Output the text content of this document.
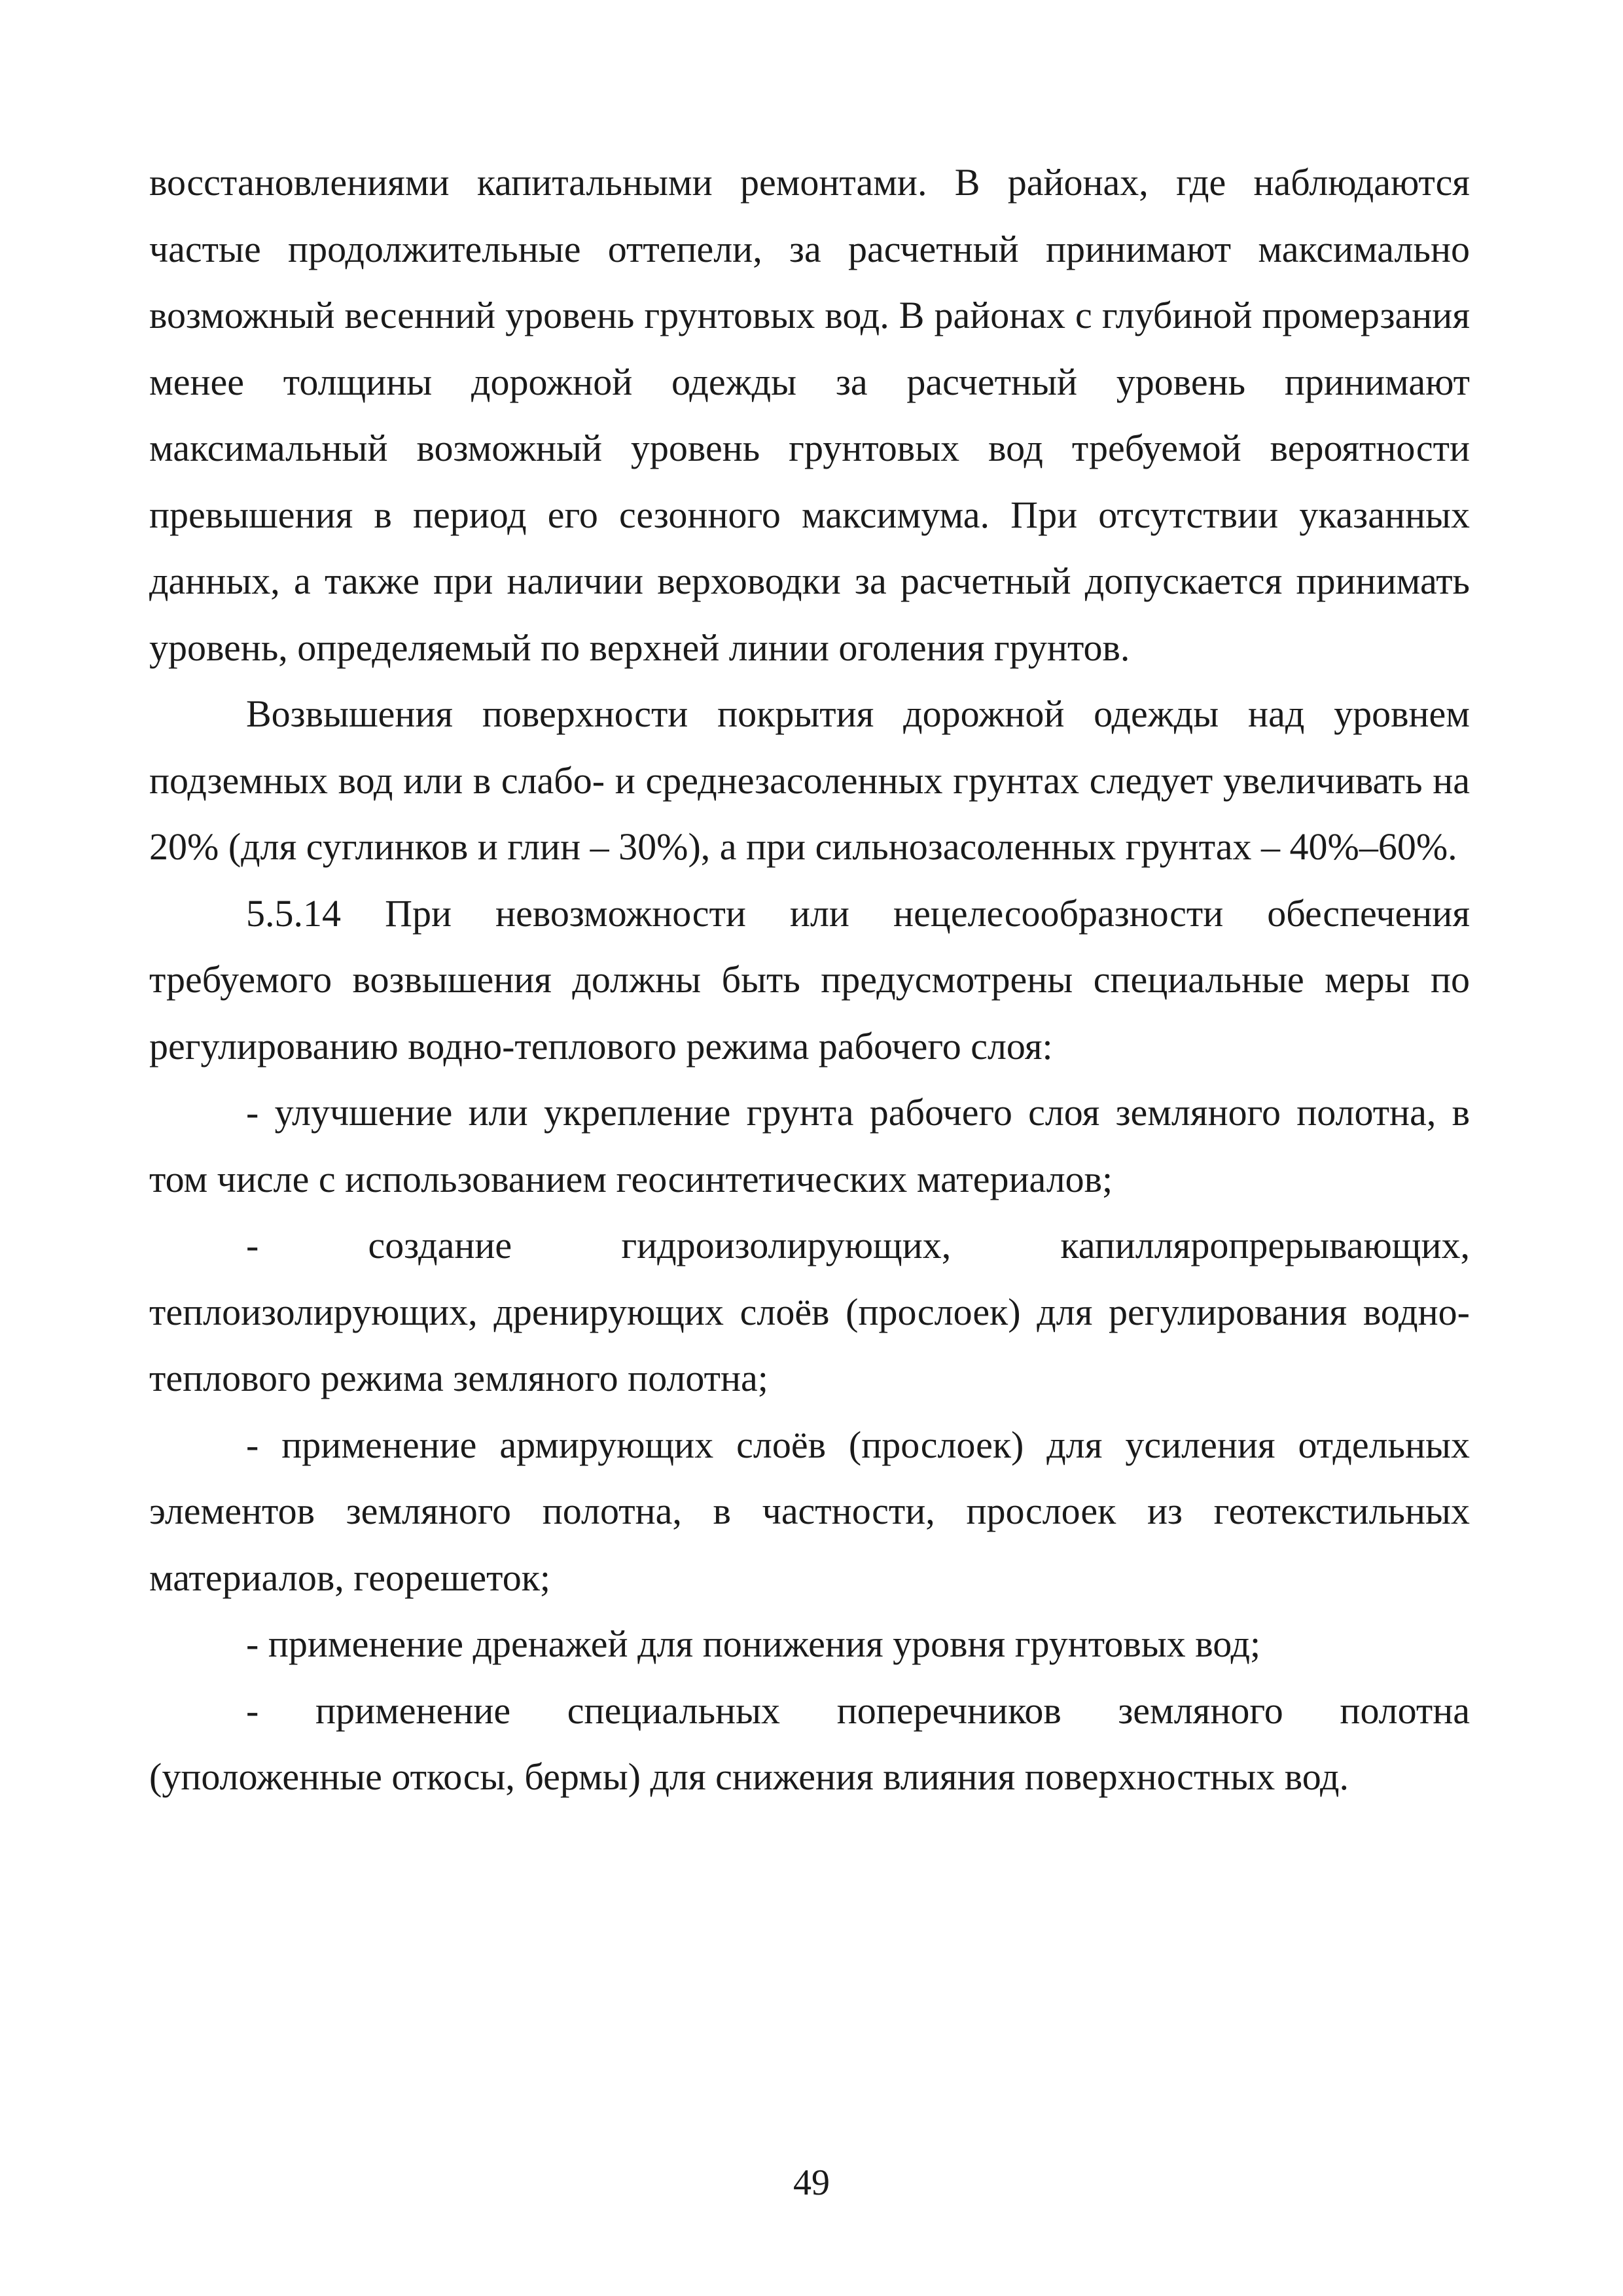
восстановлениями капитальными ремонтами. В районах, где наблюдаются частые продолжительные оттепели, за расчетный принимают максимально возможный весенний уровень грунтовых вод. В районах с глубиной промерзания менее толщины дорожной одежды за расчетный уровень принимают максимальный возможный уровень грунтовых вод требуемой вероятности превышения в период его сезонного максимума. При отсутствии указанных данных, а также при наличии верховодки за расчетный допускается принимать уровень, определяемый по верхней линии оголения грунтов.

Возвышения поверхности покрытия дорожной одежды над уровнем подземных вод или в слабо- и среднезасоленных грунтах следует увеличивать на 20% (для суглинков и глин – 30%), а при сильнозасоленных грунтах – 40%–60%.

5.5.14 При невозможности или нецелесообразности обеспечения требуемого возвышения должны быть предусмотрены специальные меры по регулированию водно-теплового режима рабочего слоя:

- улучшение или укрепление грунта рабочего слоя земляного полотна, в том числе с использованием геосинтетических материалов;

- создание гидроизолирующих, капилляропрерывающих, теплоизолирующих, дренирующих слоёв (прослоек) для регулирования водно-теплового режима земляного полотна;

- применение армирующих слоёв (прослоек) для усиления отдельных элементов земляного полотна, в частности, прослоек из геотекстильных материалов, георешеток;

- применение дренажей для понижения уровня грунтовых вод;

- применение специальных поперечников земляного полотна (уположенные откосы, бермы) для снижения влияния поверхностных вод.

49
